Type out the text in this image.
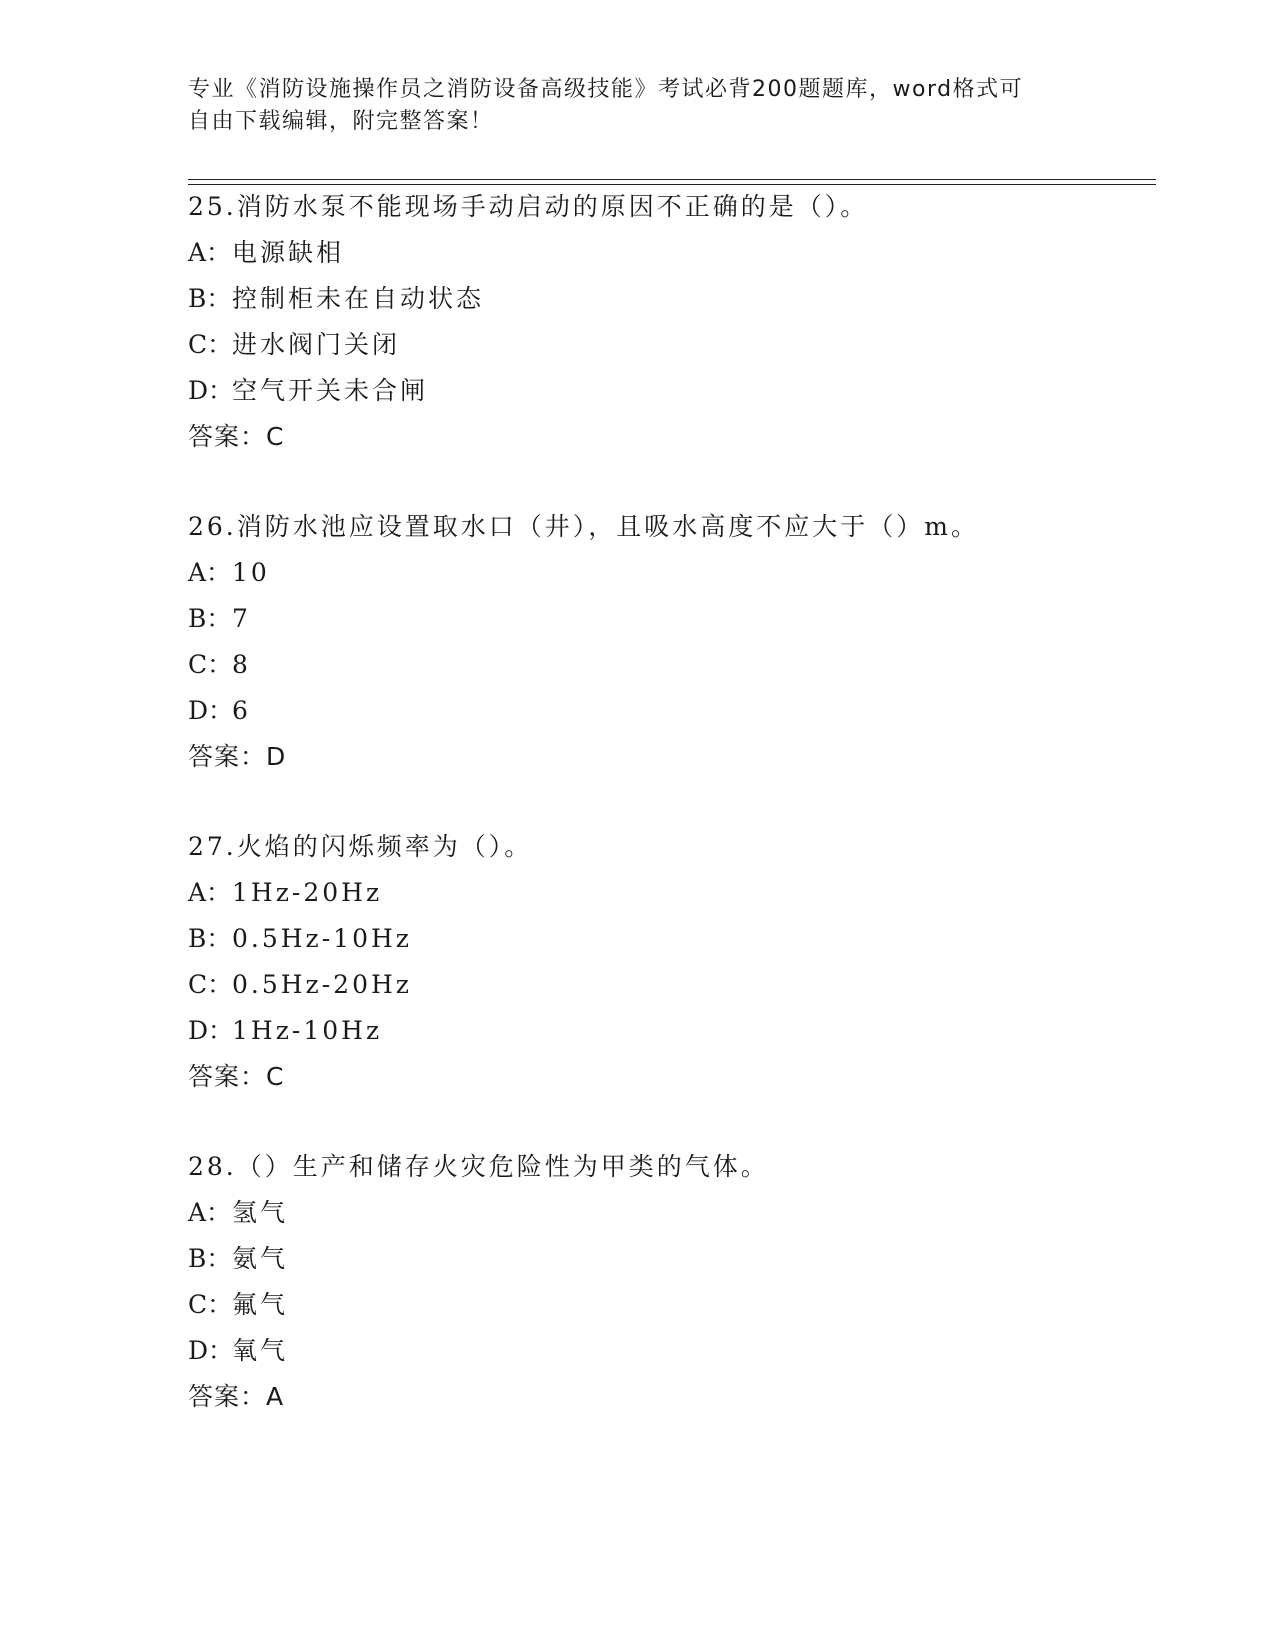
专业《消防设施操作员之消防设备高级技能》考试必背200题题库，word格式可
自由下载编辑，附完整答案！
25.消防水泵不能现场手动启动的原因不正确的是（）。
A：电源缺相
B：控制柜未在自动状态
C：进水阀门关闭
D：空气开关未合闸
答案：C
26.消防水池应设置取水口（井），且吸水高度不应大于（）m。
A：10
B：7
C：8
D：6
答案：D
27.火焰的闪烁频率为（）。
A：1Hz-20Hz
B：0.5Hz-10Hz
C：0.5Hz-20Hz
D：1Hz-10Hz
答案：C
28.（）生产和储存火灾危险性为甲类的气体。
A：氢气
B：氨气
C：氟气
D：氧气
答案：A
